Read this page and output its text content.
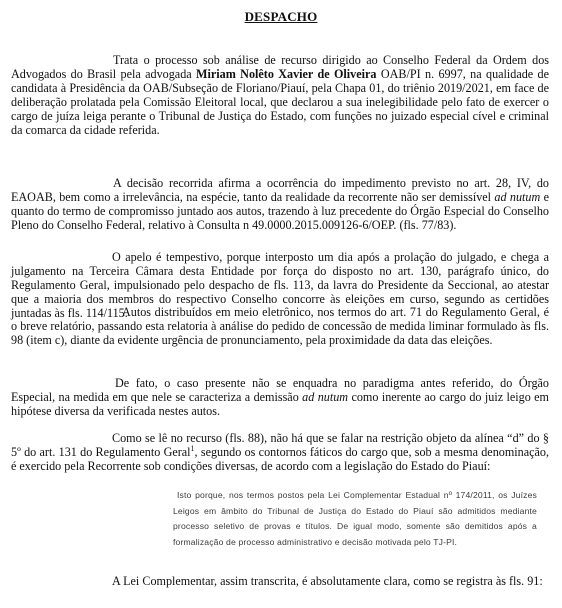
DESPACHO
Trata o processo sob análise de recurso dirigido ao Conselho Federal da Ordem dos Advogados do Brasil pela advogada Miriam Nolêto Xavier de Oliveira OAB/PI n. 6997, na qualidade de candidata à Presidência da OAB/Subseção de Floriano/Piauí, pela Chapa 01, do triênio 2019/2021, em face de deliberação prolatada pela Comissão Eleitoral local, que declarou a sua inelegibilidade pelo fato de exercer o cargo de juíza leiga perante o Tribunal de Justiça do Estado, com funções no juizado especial cível e criminal da comarca da cidade referida.
A decisão recorrida afirma a ocorrência do impedimento previsto no art. 28, IV, do EAOAB, bem como a irrelevância, na espécie, tanto da realidade da recorrente não ser demissível ad nutum e quanto do termo de compromisso juntado aos autos, trazendo à luz precedente do Órgão Especial do Conselho Pleno do Conselho Federal, relativo à Consulta n 49.0000.2015.009126-6/OEP. (fls. 77/83).
O apelo é tempestivo, porque interposto um dia após a prolação do julgado, e chega a julgamento na Terceira Câmara desta Entidade por força do disposto no art. 130, parágrafo único, do Regulamento Geral, impulsionado pelo despacho de fls. 113, da lavra do Presidente da Seccional, ao atestar que a maioria dos membros do respectivo Conselho concorre às eleições em curso, segundo as certidões juntadas às fls. 114/115.
Autos distribuídos em meio eletrônico, nos termos do art. 71 do Regulamento Geral, é o breve relatório, passando esta relatoria à análise do pedido de concessão de medida liminar formulado às fls. 98 (item c), diante da evidente urgência de pronunciamento, pela proximidade da data das eleições.
De fato, o caso presente não se enquadra no paradigma antes referido, do Órgão Especial, na medida em que nele se caracteriza a demissão ad nutum como inerente ao cargo do juiz leigo em hipótese diversa da verificada nestes autos.
Como se lê no recurso (fls. 88), não há que se falar na restrição objeto da alínea “d” do § 5º do art. 131 do Regulamento Geral$^1$, segundo os contornos fáticos do cargo que, sob a mesma denominação, é exercido pela Recorrente sob condições diversas, de acordo com a legislação do Estado do Piauí:
Isto porque, nos termos postos pela Lei Complementar Estadual nº 174/2011, os Juízes Leigos em âmbito do Tribunal de Justiça do Estado do Piauí são admitidos mediante processo seletivo de provas e títulos. De igual modo, somente são demitidos após a formalização de processo administrativo e decisão motivada pelo TJ-PI.
A Lei Complementar, assim transcrita, é absolutamente clara, como se registra às fls. 91:
